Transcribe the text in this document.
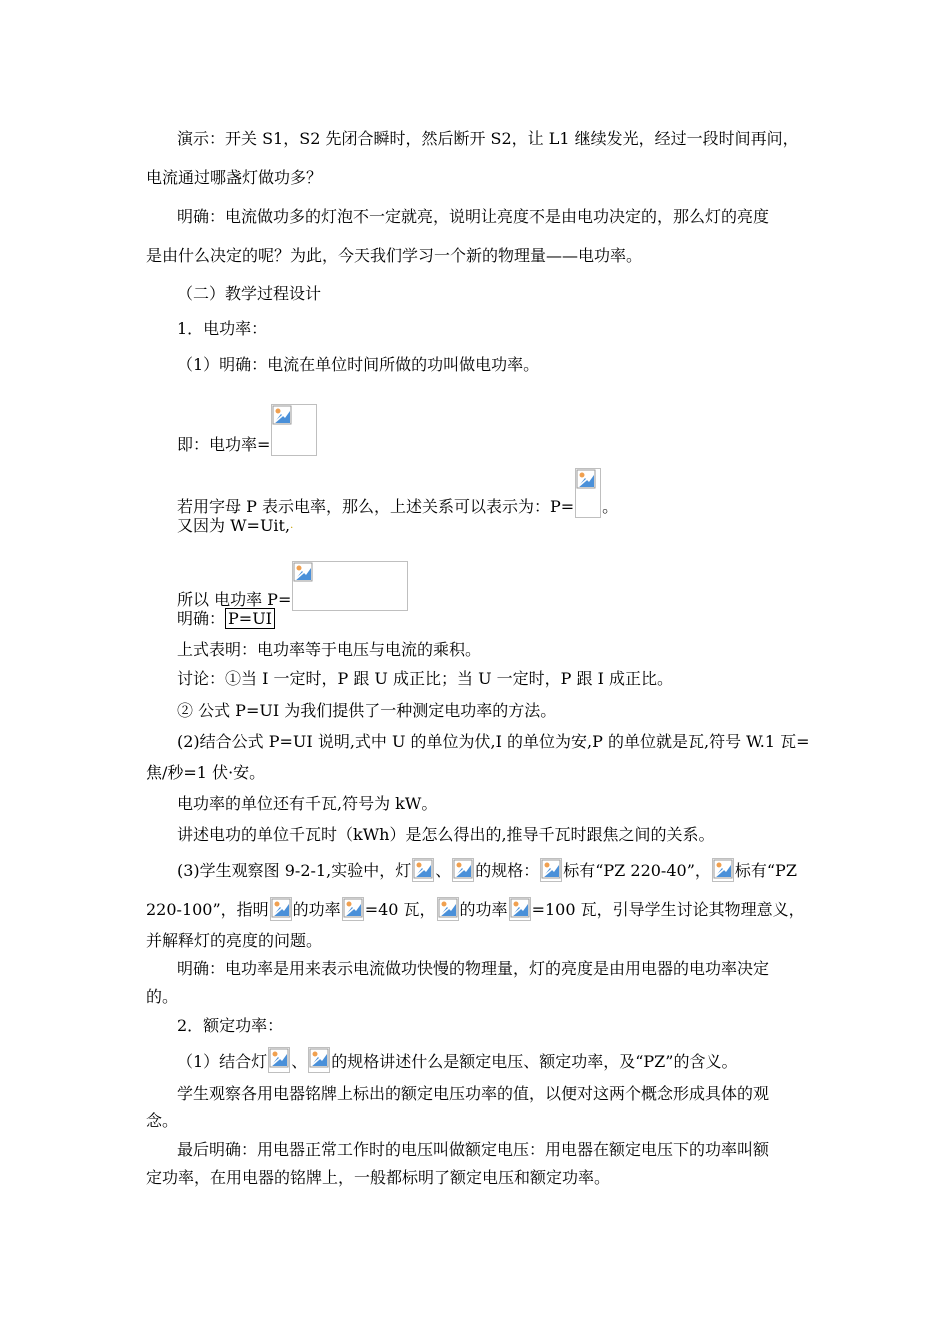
演示：开关 S1，S2 先闭合瞬时，然后断开 S2，让 L1 继续发光，经过一段时间再问，
电流通过哪盏灯做功多？
明确：电流做功多的灯泡不一定就亮，说明让亮度不是由电功决定的，那么灯的亮度
是由什么决定的呢？为此，今天我们学习一个新的物理量——电功率。
（二）教学过程设计
1．电功率：
（1）明确：电流在单位时间所做的功叫做电功率。
即：电功率=
若用字母 P 表示电率，那么，上述关系可以表示为：P= 。
又因为 W=Uit,·
所以 电功率 P=
明确： P=UI
上式表明：电功率等于电压与电流的乘积。
讨论：①当 I 一定时，P 跟 U 成正比；当 U 一定时，P 跟 I 成正比。
② 公式 P=UI 为我们提供了一种测定电功率的方法。
(2)结合公式 P=UI 说明,式中 U 的单位为伏,I 的单位为安,P 的单位就是瓦,符号 W.1 瓦=
焦/秒=1 伏·安。
电功率的单位还有千瓦,符号为 kW。
讲述电功的单位千瓦时（kWh）是怎么得出的,推导千瓦时跟焦之间的关系。
(3)学生观察图 9-2-1,实验中，灯 、 的规格： 标有“PZ 220-40”， 标有“PZ
220-100”，指明 的功率 =40 瓦， 的功率 =100 瓦，引导学生讨论其物理意义，
并解释灯的亮度的问题。
明确：电功率是用来表示电流做功快慢的物理量，灯的亮度是由用电器的电功率决定
的。
2．额定功率：
（1）结合灯 、 的规格讲述什么是额定电压、额定功率，及“PZ”的含义。
学生观察各用电器铭牌上标出的额定电压功率的值，以便对这两个概念形成具体的观
念。
最后明确：用电器正常工作时的电压叫做额定电压：用电器在额定电压下的功率叫额
定功率，在用电器的铭牌上，一般都标明了额定电压和额定功率。
